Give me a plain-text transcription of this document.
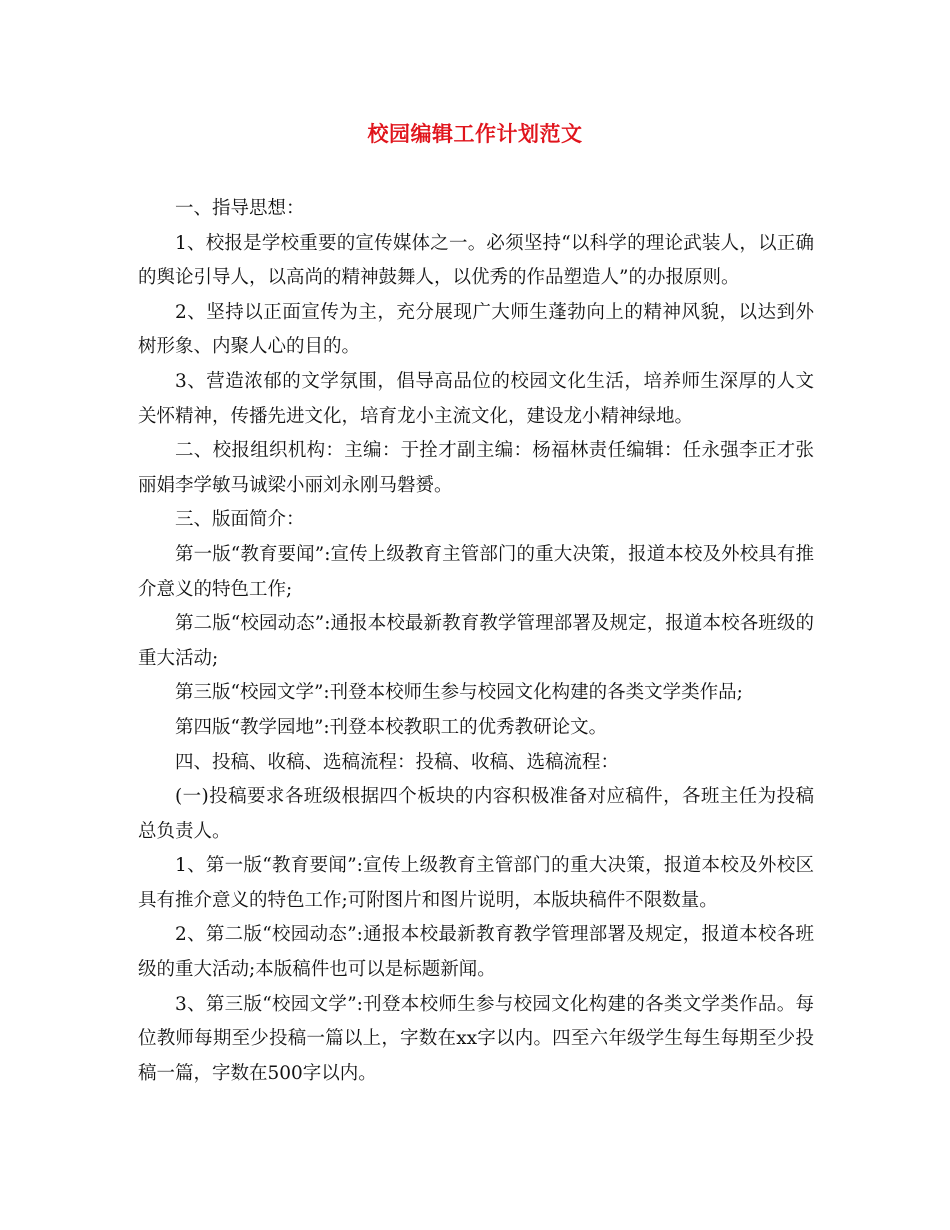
校园编辑工作计划范文

一、指导思想：

1、校报是学校重要的宣传媒体之一。必须坚持“以科学的理论武装人，以正确的舆论引导人，以高尚的精神鼓舞人，以优秀的作品塑造人”的办报原则。

2、坚持以正面宣传为主，充分展现广大师生蓬勃向上的精神风貌，以达到外树形象、内聚人心的目的。

3、营造浓郁的文学氛围，倡导高品位的校园文化生活，培养师生深厚的人文关怀精神，传播先进文化，培育龙小主流文化，建设龙小精神绿地。

二、校报组织机构：主编：于拴才副主编：杨福林责任编辑：任永强李正才张丽娟李学敏马诚梁小丽刘永刚马磐赟。

三、版面简介：

第一版“教育要闻”:宣传上级教育主管部门的重大决策，报道本校及外校具有推介意义的特色工作;

第二版“校园动态”:通报本校最新教育教学管理部署及规定，报道本校各班级的重大活动;

第三版“校园文学”:刊登本校师生参与校园文化构建的各类文学类作品;

第四版“教学园地”:刊登本校教职工的优秀教研论文。

四、投稿、收稿、选稿流程：投稿、收稿、选稿流程：

(一)投稿要求各班级根据四个板块的内容积极准备对应稿件，各班主任为投稿总负责人。

1、第一版“教育要闻”:宣传上级教育主管部门的重大决策，报道本校及外校区具有推介意义的特色工作;可附图片和图片说明，本版块稿件不限数量。

2、第二版“校园动态”:通报本校最新教育教学管理部署及规定，报道本校各班级的重大活动;本版稿件也可以是标题新闻。

3、第三版“校园文学”:刊登本校师生参与校园文化构建的各类文学类作品。每位教师每期至少投稿一篇以上，字数在xx字以内。四至六年级学生每生每期至少投稿一篇，字数在500字以内。
